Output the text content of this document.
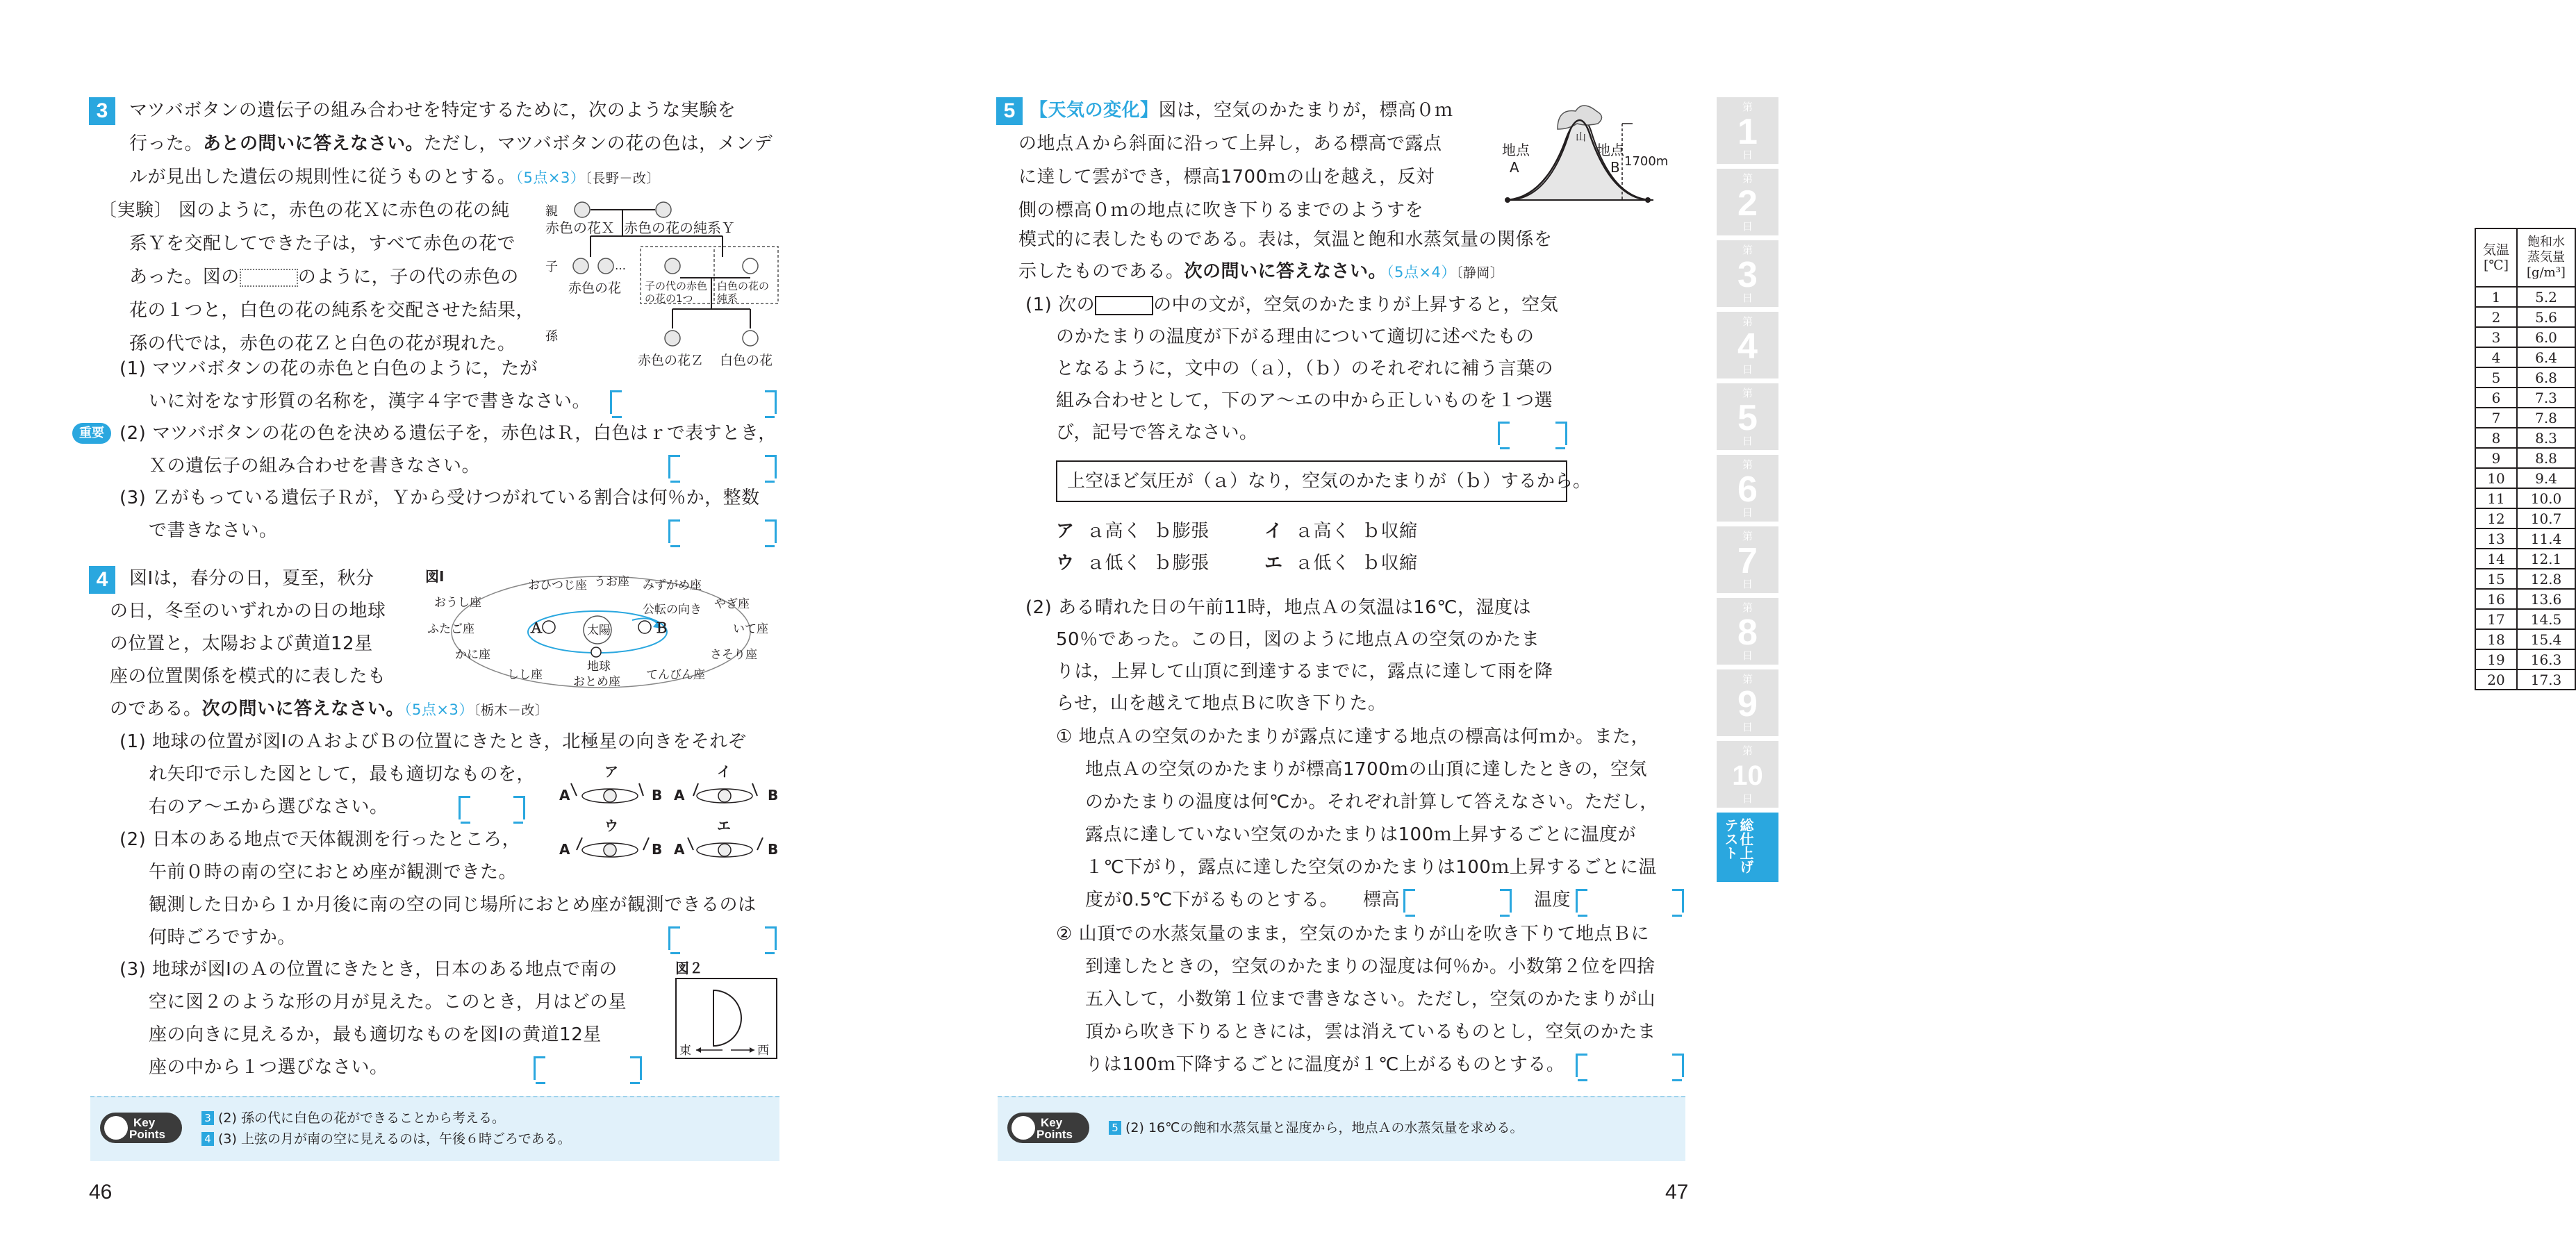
3	マツバボタンの遺伝子の組み合わせを特定するために，次のような実験を
行った。あとの問いに答えなさい。ただし，マツバボタンの花の色は，メンデ
ルが見出した遺伝の規則性に従うものとする。（5点×3）〔長野－改〕
〔実験〕 図のように，赤色の花Ｘに赤色の花の純
系Ｙを交配してできた子は，すべて赤色の花で
あった。図の	のように，子の代の赤色の
花の１つと，白色の花の純系を交配させた結果，
孫の代では，赤色の花Ｚと白色の花が現れた。
親
子
孫
赤色の花Ｘ 赤色の花の純系Ｙ
…
赤色の花 子の代の赤色
の花の1つ
白色の花の
純系
赤色の花Ｚ 白色の花
(1) マツバボタンの花の赤色と白色のように，たが
いに対をなす形質の名称を，漢字４字で書きなさい。
重要 (2) マツバボタンの花の色を決める遺伝子を，赤色はＲ，白色はｒで表すとき，
Ｘの遺伝子の組み合わせを書きなさい。
(3) Ｚがもっている遺伝子Ｒが，Ｙから受けつがれている割合は何％か，整数
で書きなさい。
4	図Ⅰは，春分の日，夏至，秋分
の日，冬至のいずれかの日の地球
の位置と，太陽および黄道12星
座の位置関係を模式的に表したも
のである。次の問いに答えなさい。（5点×3）〔栃木－改〕
図Ⅰ
おひつじ座 うお座 みずがめ座
おうし座	やぎ座
ふたご座	いて座
かに座	さそり座
しし座	おとめ座 てんびん座
太陽
地球
公転の向き
Ａ	Ｂ
(1) 地球の位置が図ⅠのＡおよびＢの位置にきたとき，北極星の向きをそれぞ
れ矢印で示した図として，最も適切なものを，
右のア～エから選びなさい。
ア	イ
ウ	エ
A	B A	B
A	B A	B
(2) 日本のある地点で天体観測を行ったところ，
午前０時の南の空におとめ座が観測できた。
観測した日から１か月後に南の空の同じ場所におとめ座が観測できるのは
何時ごろですか。
(3) 地球が図ⅠのＡの位置にきたとき，日本のある地点で南の
空に図２のような形の月が見えた。このとき，月はどの星
座の向きに見えるか，最も適切なものを図Ⅰの黄道12星
座の中から１つ選びなさい。
図２
東	西
Key
Points
3 (2) 孫の代に白色の花ができることから考える。
4 (3) 上弦の月が南の空に見えるのは，午後６時ごろである。
46
5 【天気の変化】図は，空気のかたまりが，標高０ｍ
の地点Ａから斜面に沿って上昇し，ある標高で露点
に達して雲ができ，標高1700ｍの山を越え，反対
側の標高０ｍの地点に吹き下りるまでのようすを
模式的に表したものである。表は，気温と飽和水蒸気量の関係を
示したものである。次の問いに答えなさい。（5点×4）〔静岡〕
地点
A
地点
B
山
1700m
気温
[℃]	飽和水
蒸気量
[g/m³]
1	5.2
2	5.6
3	6.0
4	6.4
5	6.8
6	7.3
7	7.8
8	8.3
9	8.8
10	9.4
11	10.0
12	10.7
13	11.4
14	12.1
15	12.8
16	13.6
17	14.5
18	15.4
19	16.3
20	17.3
(1) 次の	の中の文が，空気のかたまりが上昇すると，空気
のかたまりの温度が下がる理由について適切に述べたもの
となるように，文中の（ａ），（ｂ）のそれぞれに補う言葉の
組み合わせとして，下のア～エの中から正しいものを１つ選
び，記号で答えなさい。
上空ほど気圧が（ａ）なり，空気のかたまりが（ｂ）するから。
ア ａ高く ｂ膨張	イ ａ高く ｂ収縮
ウ ａ低く ｂ膨張	エ ａ低く ｂ収縮
(2) ある晴れた日の午前11時，地点Ａの気温は16℃，湿度は
50％であった。この日，図のように地点Ａの空気のかたま
りは，上昇して山頂に到達するまでに，露点に達して雨を降
らせ，山を越えて地点Ｂに吹き下りた。
① 地点Ａの空気のかたまりが露点に達する地点の標高は何ｍか。また，
地点Ａの空気のかたまりが標高1700ｍの山頂に達したときの，空気
のかたまりの温度は何℃か。それぞれ計算して答えなさい。ただし，
露点に達していない空気のかたまりは100ｍ上昇するごとに温度が
１℃下がり，露点に達した空気のかたまりは100ｍ上昇するごとに温
度が0.5℃下がるものとする。 標高	温度
② 山頂での水蒸気量のまま，空気のかたまりが山を吹き下りて地点Ｂに
到達したときの，空気のかたまりの湿度は何％か。小数第２位を四捨
五入して，小数第１位まで書きなさい。ただし，空気のかたまりが山
頂から吹き下りるときには，雲は消えているものとし，空気のかたま
りは100ｍ下降するごとに温度が１℃上がるものとする。
Key
Points	5 (2) 16℃の飽和水蒸気量と湿度から，地点Ａの水蒸気量を求める。
47
第
1
日
第
2
日
第
3
日
第
4
日
第
5
日
第
6
日
第
7
日
第
8
日
第
9
日
第
10
日
総仕上げ
テスト
